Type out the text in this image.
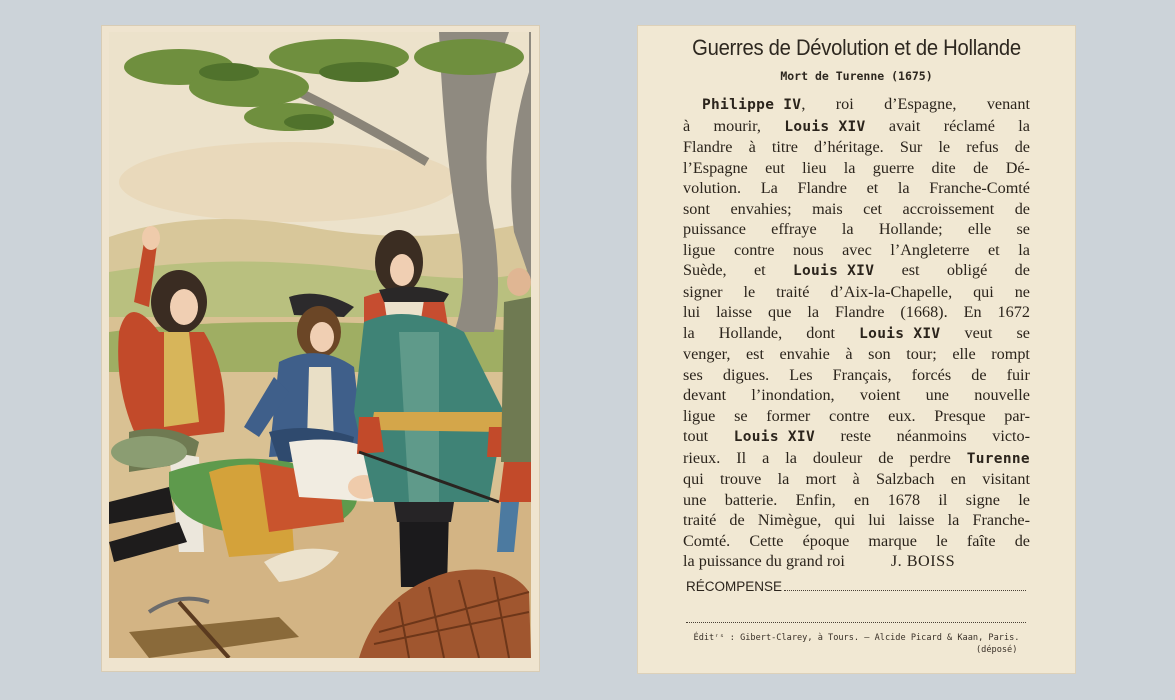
Guerres de Dévolution et de Hollande
Mort de Turenne (1675)
Philippe IV, roi d’Espagne, venant
à mourir, Louis XIV avait réclamé la
Flandre à titre d’héritage. Sur le refus de
l’Espagne eut lieu la guerre dite de Dé-
volution. La Flandre et la Franche-Comté
sont envahies; mais cet accroissement de
puissance effraye la Hollande; elle se
ligue contre nous avec l’Angleterre et la
Suède, et Louis XIV est obligé de
signer le traité d’Aix-la-Chapelle, qui ne
lui laisse que la Flandre (1668). En 1672
la Hollande, dont Louis XIV veut se
venger, est envahie à son tour; elle rompt
ses digues. Les Français, forcés de fuir
devant l’inondation, voient une nouvelle
ligue se former contre eux. Presque par-
tout Louis XIV reste néanmoins victo-
rieux. Il a la douleur de perdre Turenne
qui trouve la mort à Salzbach en visitant
une batterie. Enfin, en 1678 il signe le
traité de Nimègue, qui lui laisse la Franche-
Comté. Cette époque marque le faîte de
la puissance du grand roi	J. BOISS
RÉCOMPENSE
Éditʳˢ : Gibert-Clarey, à Tours. — Alcide Picard & Kaan, Paris.
(déposé)
